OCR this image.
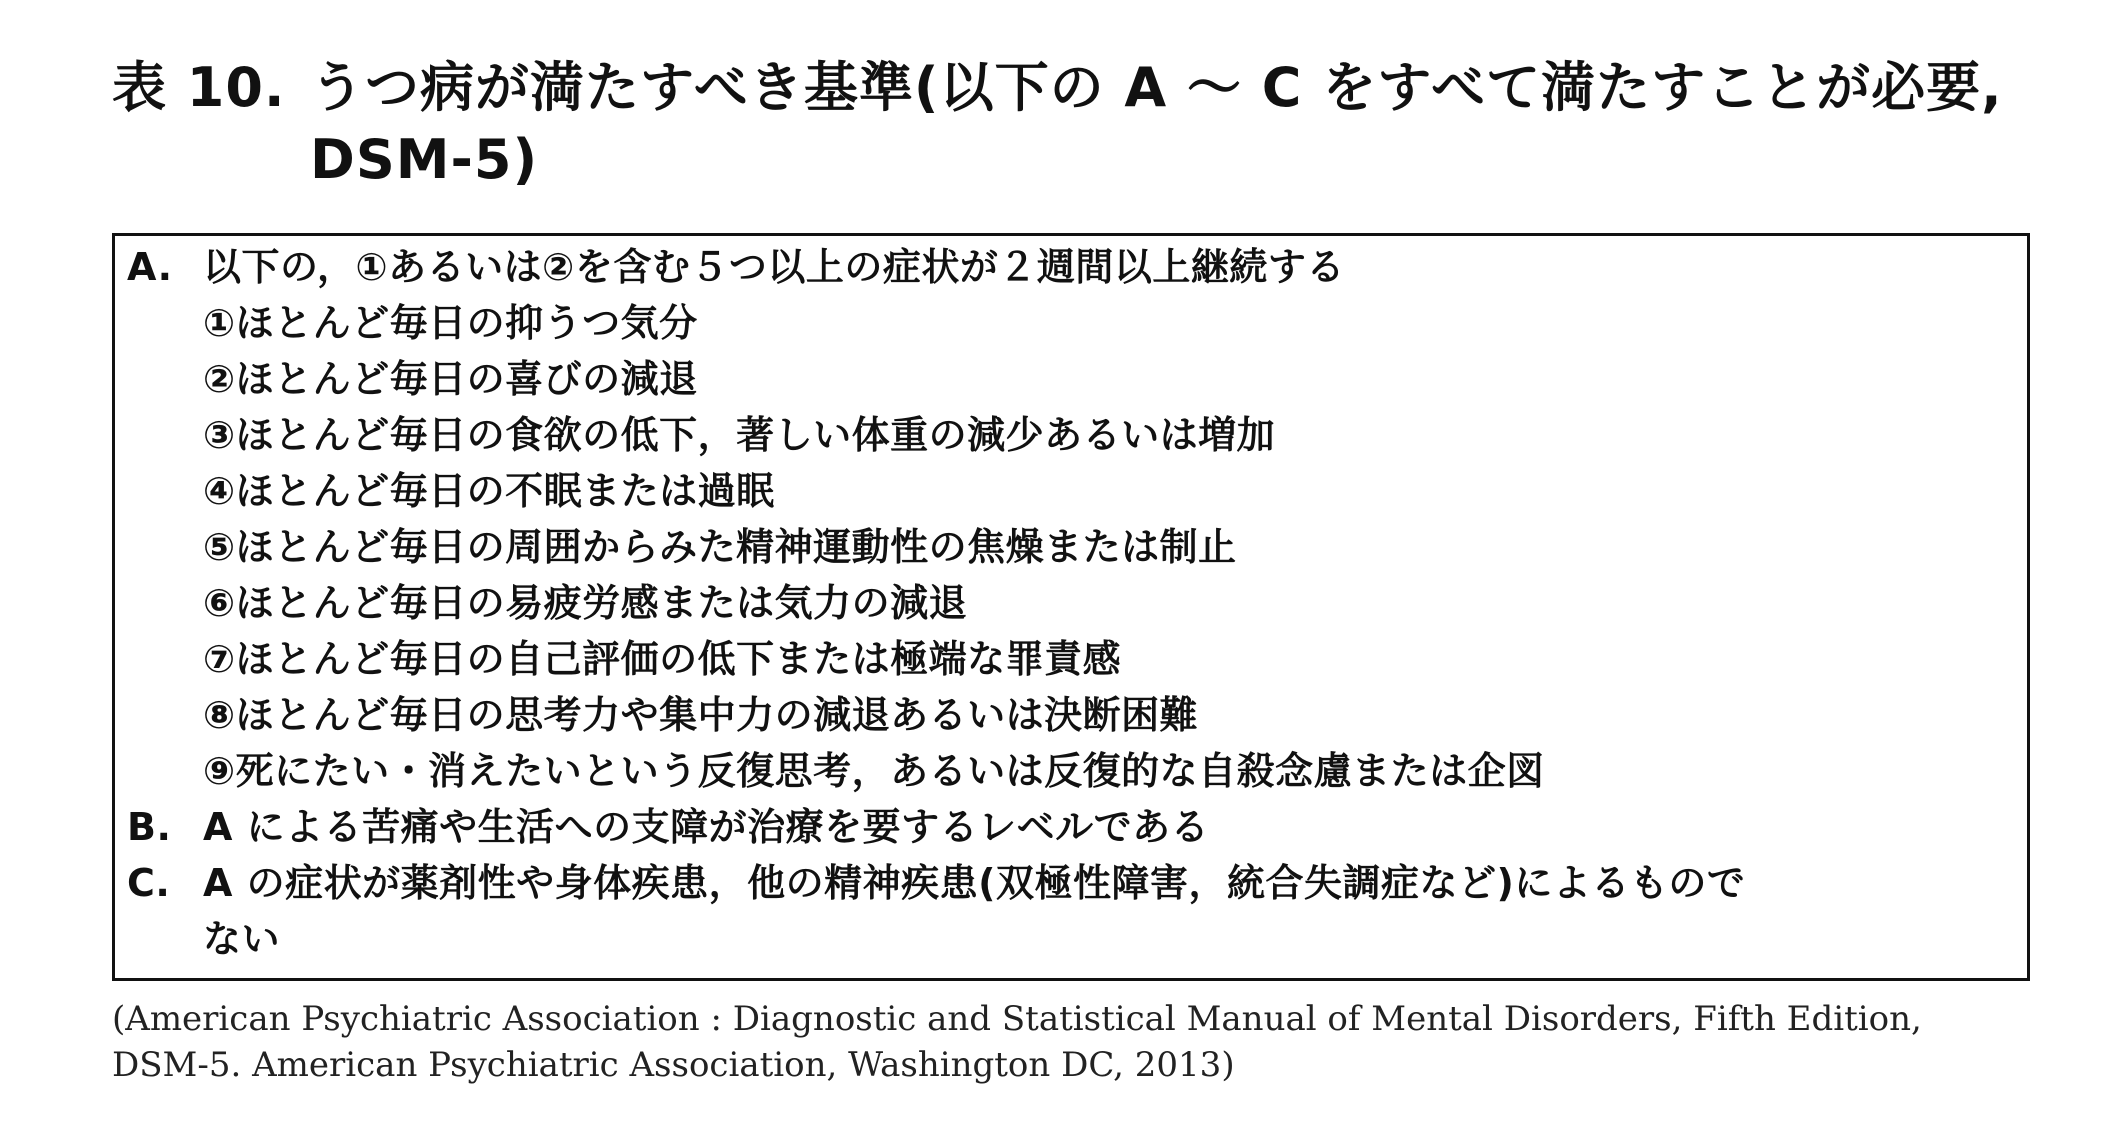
表 10. うつ病が満たすべき基準(以下の A ～ C をすべて満たすことが必要,
DSM-5)
A. 以下の，①あるいは②を含む５つ以上の症状が２週間以上継続する
①ほとんど毎日の抑うつ気分
②ほとんど毎日の喜びの減退
③ほとんど毎日の食欲の低下，著しい体重の減少あるいは増加
④ほとんど毎日の不眠または過眠
⑤ほとんど毎日の周囲からみた精神運動性の焦燥または制止
⑥ほとんど毎日の易疲労感または気力の減退
⑦ほとんど毎日の自己評価の低下または極端な罪責感
⑧ほとんど毎日の思考力や集中力の減退あるいは決断困難
⑨死にたい・消えたいという反復思考，あるいは反復的な自殺念慮または企図
B. A による苦痛や生活への支障が治療を要するレベルである
C. A の症状が薬剤性や身体疾患，他の精神疾患(双極性障害，統合失調症など)によるもので
ない
(American Psychiatric Association : Diagnostic and Statistical Manual of Mental Disorders, Fifth Edition,
DSM-5. American Psychiatric Association, Washington DC, 2013)
